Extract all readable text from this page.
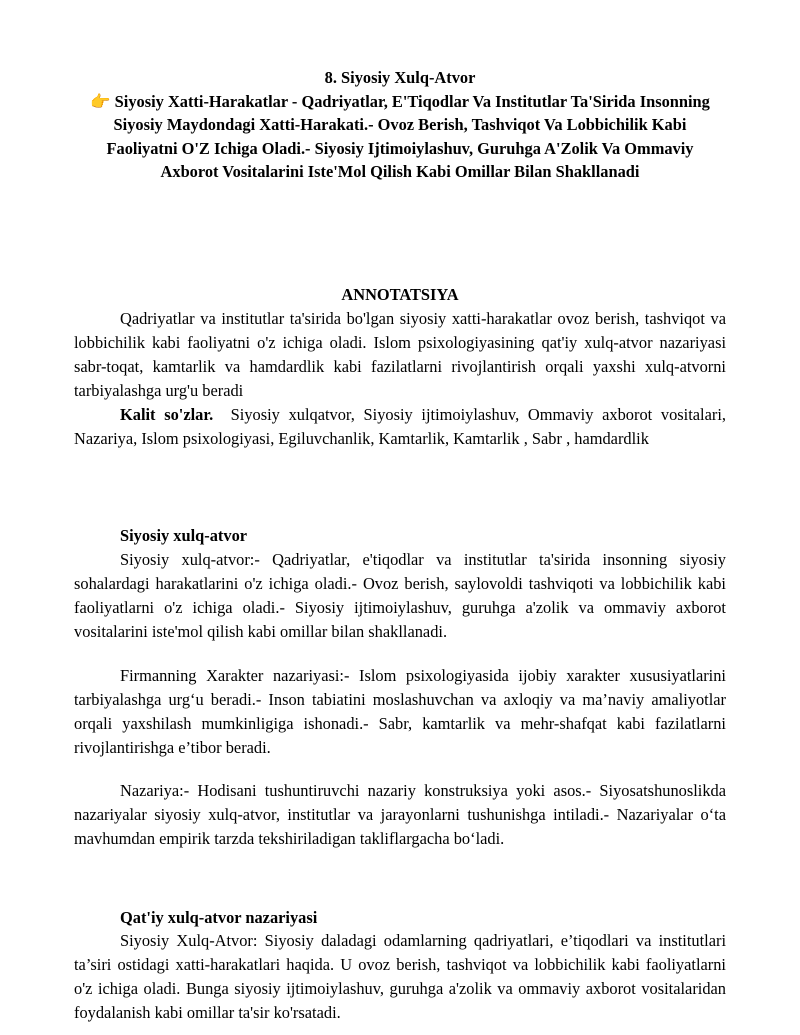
8. Siyosiy Xulq-Atvor
👉 Siyosiy Xatti-Harakatlar - Qadriyatlar, E'Tiqodlar Va Institutlar Ta'Sirida Insonning Siyosiy Maydondagi Xatti-Harakati.- Ovoz Berish, Tashviqot Va Lobbichilik Kabi Faoliyatni O'Z Ichiga Oladi.- Siyosiy Ijtimoiylashuv, Guruhga A'Zolik Va Ommaviy Axborot Vositalarini Iste'Mol Qilish Kabi Omillar Bilan Shakllanadi
ANNOTATSIYA

Qadriyatlar va institutlar ta'sirida bo'lgan siyosiy xatti-harakatlar ovoz berish, tashviqot va lobbichilik kabi faoliyatni o'z ichiga oladi. Islom psixologiyasining qat'iy xulq-atvor nazariyasi sabr-toqat, kamtarlik va hamdardlik kabi fazilatlarni rivojlantirish orqali yaxshi xulq-atvorni tarbiyalashga urg'u beradi

Kalit so'zlar. Siyosiy xulqatvor, Siyosiy ijtimoiylashuv, Ommaviy axborot vositalari, Nazariya, Islom psixologiyasi, Egiluvchanlik, Kamtarlik, Kamtarlik , Sabr , hamdardlik

Siyosiy xulq-atvor

Siyosiy xulq-atvor:- Qadriyatlar, e'tiqodlar va institutlar ta'sirida insonning siyosiy sohalardagi harakatlarini o'z ichiga oladi.- Ovoz berish, saylovoldi tashviqoti va lobbichilik kabi faoliyatlarni o'z ichiga oladi.- Siyosiy ijtimoiylashuv, guruhga a'zolik va ommaviy axborot vositalarini iste'mol qilish kabi omillar bilan shakllanadi.

Firmanning Xarakter nazariyasi:- Islom psixologiyasida ijobiy xarakter xususiyatlarini tarbiyalashga urg‘u beradi.- Inson tabiatini moslashuvchan va axloqiy va ma’naviy amaliyotlar orqali yaxshilash mumkinligiga ishonadi.- Sabr, kamtarlik va mehr-shafqat kabi fazilatlarni rivojlantirishga e’tibor beradi.

Nazariya:- Hodisani tushuntiruvchi nazariy konstruksiya yoki asos.- Siyosatshunoslikda nazariyalar siyosiy xulq-atvor, institutlar va jarayonlarni tushunishga intiladi.- Nazariyalar o‘ta mavhumdan empirik tarzda tekshiriladigan takliflargacha bo‘ladi.

Qat'iy xulq-atvor nazariyasi

Siyosiy Xulq-Atvor: Siyosiy daladagi odamlarning qadriyatlari, e’tiqodlari va institutlari ta’siri ostidagi xatti-harakatlari haqida. U ovoz berish, tashviqot va lobbichilik kabi faoliyatlarni o'z ichiga oladi. Bunga siyosiy ijtimoiylashuv, guruhga a'zolik va ommaviy axborot vositalaridan foydalanish kabi omillar ta'sir ko'rsatadi.
